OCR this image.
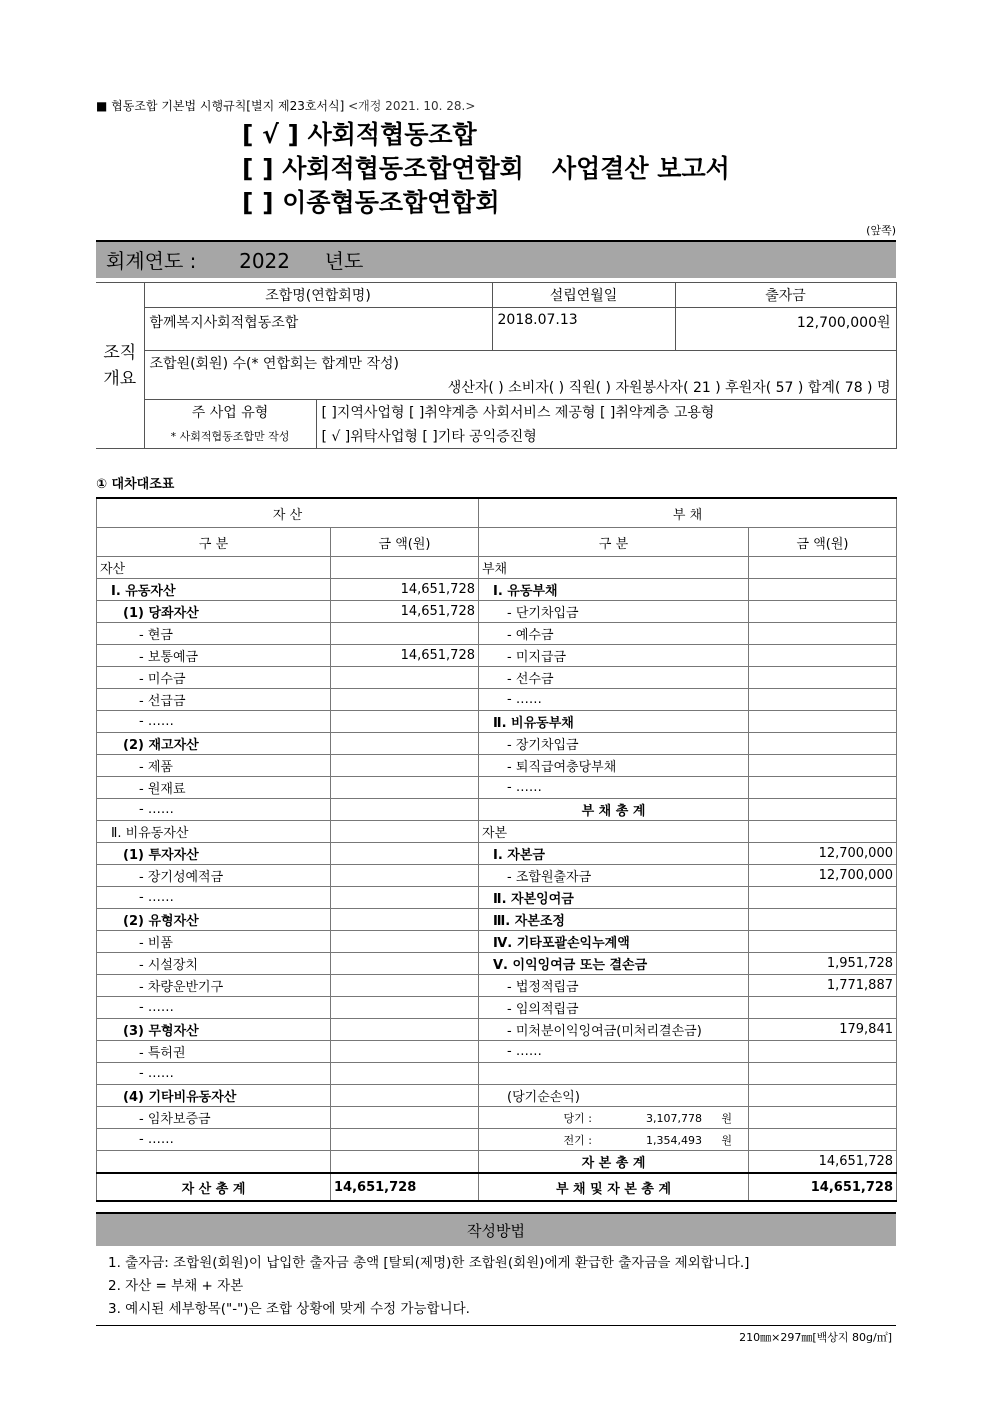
■ 협동조합 기본법 시행규칙[별지 제23호서식] <개정 2021. 10. 28.>
[ √ ] 사회적협동조합
[ ] 사회적협동조합연합회
[ ] 이종협동조합연합회
사업결산 보고서
(앞쪽)
회계연도 : 2022 년도
조직
개요	조합명(연합회명)		설립연월일	출자금
	함께복지사회적협동조합		2018.07.13	12,700,000원
	조합원(회원) 수(* 연합회는 합계만 작성)			
	생산자( ) 소비자( ) 직원( ) 자원봉사자( 21 ) 후원자( 57 ) 합계( 78 ) 명			
	주 사업 유형	[ ]지역사업형 [ ]취약계층 사회서비스 제공형 [ ]취약계층 고용형		
	* 사회적협동조합만 작성	[ √ ]위탁사업형 [ ]기타 공익증진형		
① 대차대조표
자 산		부 채	
구 분	금 액(원)	구 분	금 액(원)
자산		부채	
Ⅰ. 유동자산	14,651,728	Ⅰ. 유동부채	
(1) 당좌자산	14,651,728	- 단기차입금	
- 현금		- 예수금	
- 보통예금	14,651,728	- 미지급금	
- 미수금		- 선수금	
- 선급금		- ……	
- ……		Ⅱ. 비유동부채	
(2) 재고자산		- 장기차입금	
- 제품		- 퇴직급여충당부채	
- 원재료		- ……	
- ……		부 채 총 계	
Ⅱ. 비유동자산		자본	
(1) 투자자산		Ⅰ. 자본금	12,700,000
- 장기성예적금		- 조합원출자금	12,700,000
- ……		Ⅱ. 자본잉여금	
(2) 유형자산		Ⅲ. 자본조정	
- 비품		Ⅳ. 기타포괄손익누계액	
- 시설장치		Ⅴ. 이익잉여금 또는 결손금	1,951,728
- 차량운반기구		- 법정적립금	1,771,887
- ……		- 임의적립금	
(3) 무형자산		- 미처분이익잉여금(미처리결손금)	179,841
- 특허권		- ……	
- ……			
(4) 기타비유동자산		(당기순손익)	
- 임차보증금		당기 : 3,107,778 원	
- ……		전기 : 1,354,493 원	
		자 본 총 계	14,651,728
자 산 총 계	14,651,728	부 채 및 자 본 총 계	14,651,728
작성방법
1. 출자금: 조합원(회원)이 납입한 출자금 총액 [탈퇴(제명)한 조합원(회원)에게 환급한 출자금을 제외합니다.]
2. 자산 = 부채 + 자본
3. 예시된 세부항목("-")은 조합 상황에 맞게 수정 가능합니다.
210㎜×297㎜[백상지 80g/㎡]
